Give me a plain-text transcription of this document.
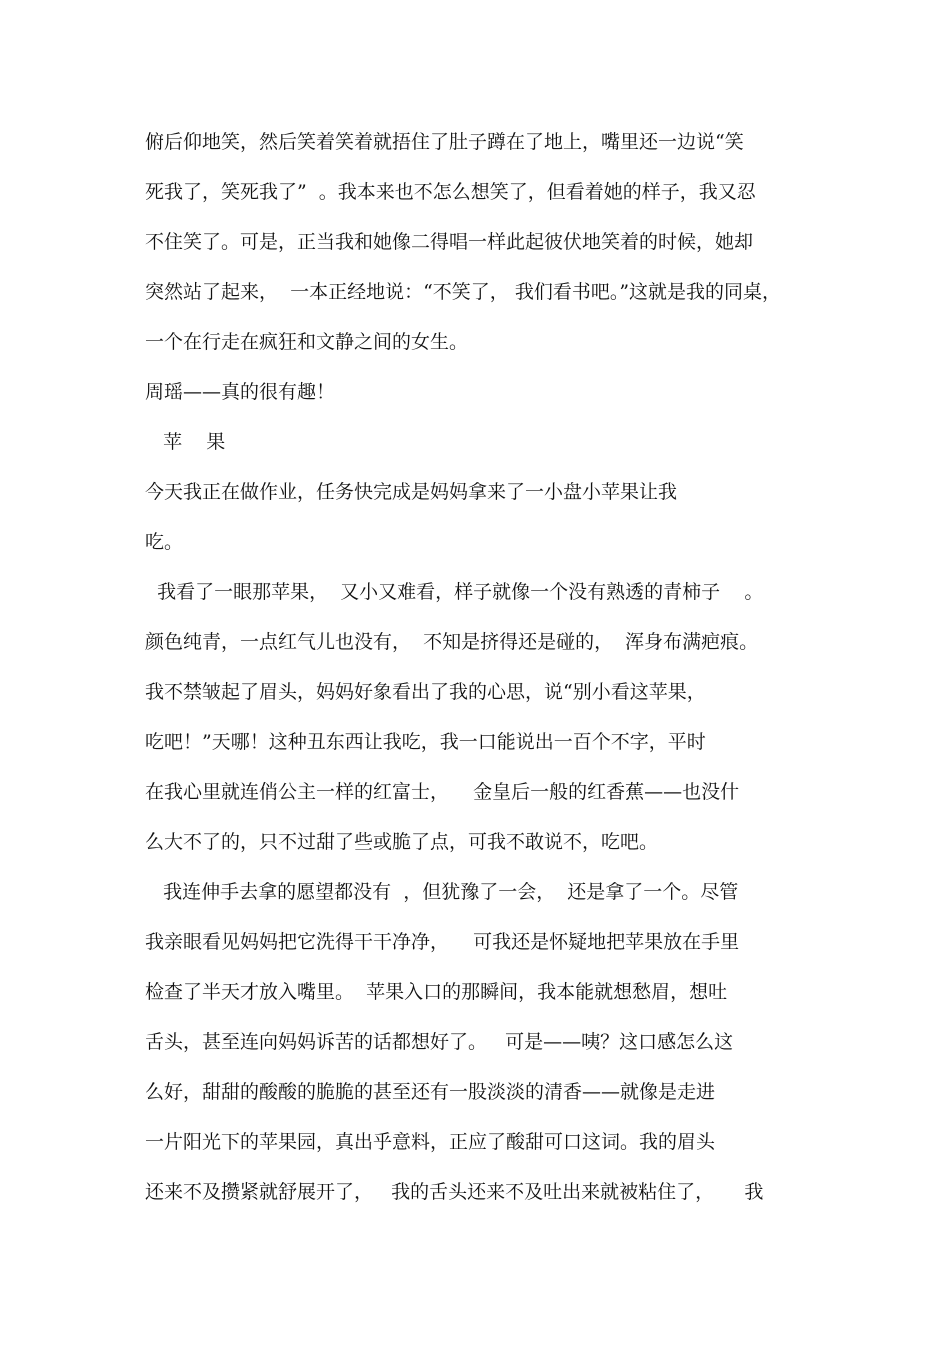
俯后仰地笑，然后笑着笑着就捂住了肚子蹲在了地上，嘴里还一边说“笑
死我了，笑死我了”  。我本来也不怎么想笑了，但看着她的样子，我又忍
不住笑了。可是，正当我和她像二得唱一样此起彼伏地笑着的时候，她却
突然站了起来，  一本正经地说：“不笑了， 我们看书吧。”这就是我的同桌，
一个在行走在疯狂和文静之间的女生。
周瑶——真的很有趣！
苹    果
今天我正在做作业，任务快完成是妈妈拿来了一小盘小苹果让我
吃。
我看了一眼那苹果，  又小又难看，样子就像一个没有熟透的青柿子    。
颜色纯青，一点红气儿也没有，  不知是挤得还是碰的，  浑身布满疤痕。
我不禁皱起了眉头，妈妈好象看出了我的心思，说“别小看这苹果，
吃吧！”天哪！这种丑东西让我吃，我一口能说出一百个不字，平时
在我心里就连俏公主一样的红富士，    金皇后一般的红香蕉——也没什
么大不了的，只不过甜了些或脆了点，可我不敢说不，吃吧。
我连伸手去拿的愿望都没有  ，但犹豫了一会，  还是拿了一个。尽管
我亲眼看见妈妈把它洗得干干净净，    可我还是怀疑地把苹果放在手里
检查了半天才放入嘴里。  苹果入口的那瞬间，我本能就想愁眉，想吐
舌头，甚至连向妈妈诉苦的话都想好了。   可是——咦？这口感怎么这
么好，甜甜的酸酸的脆脆的甚至还有一股淡淡的清香——就像是走进
一片阳光下的苹果园，真出乎意料，正应了酸甜可口这词。我的眉头
还来不及攒紧就舒展开了，   我的舌头还来不及吐出来就被粘住了，     我
